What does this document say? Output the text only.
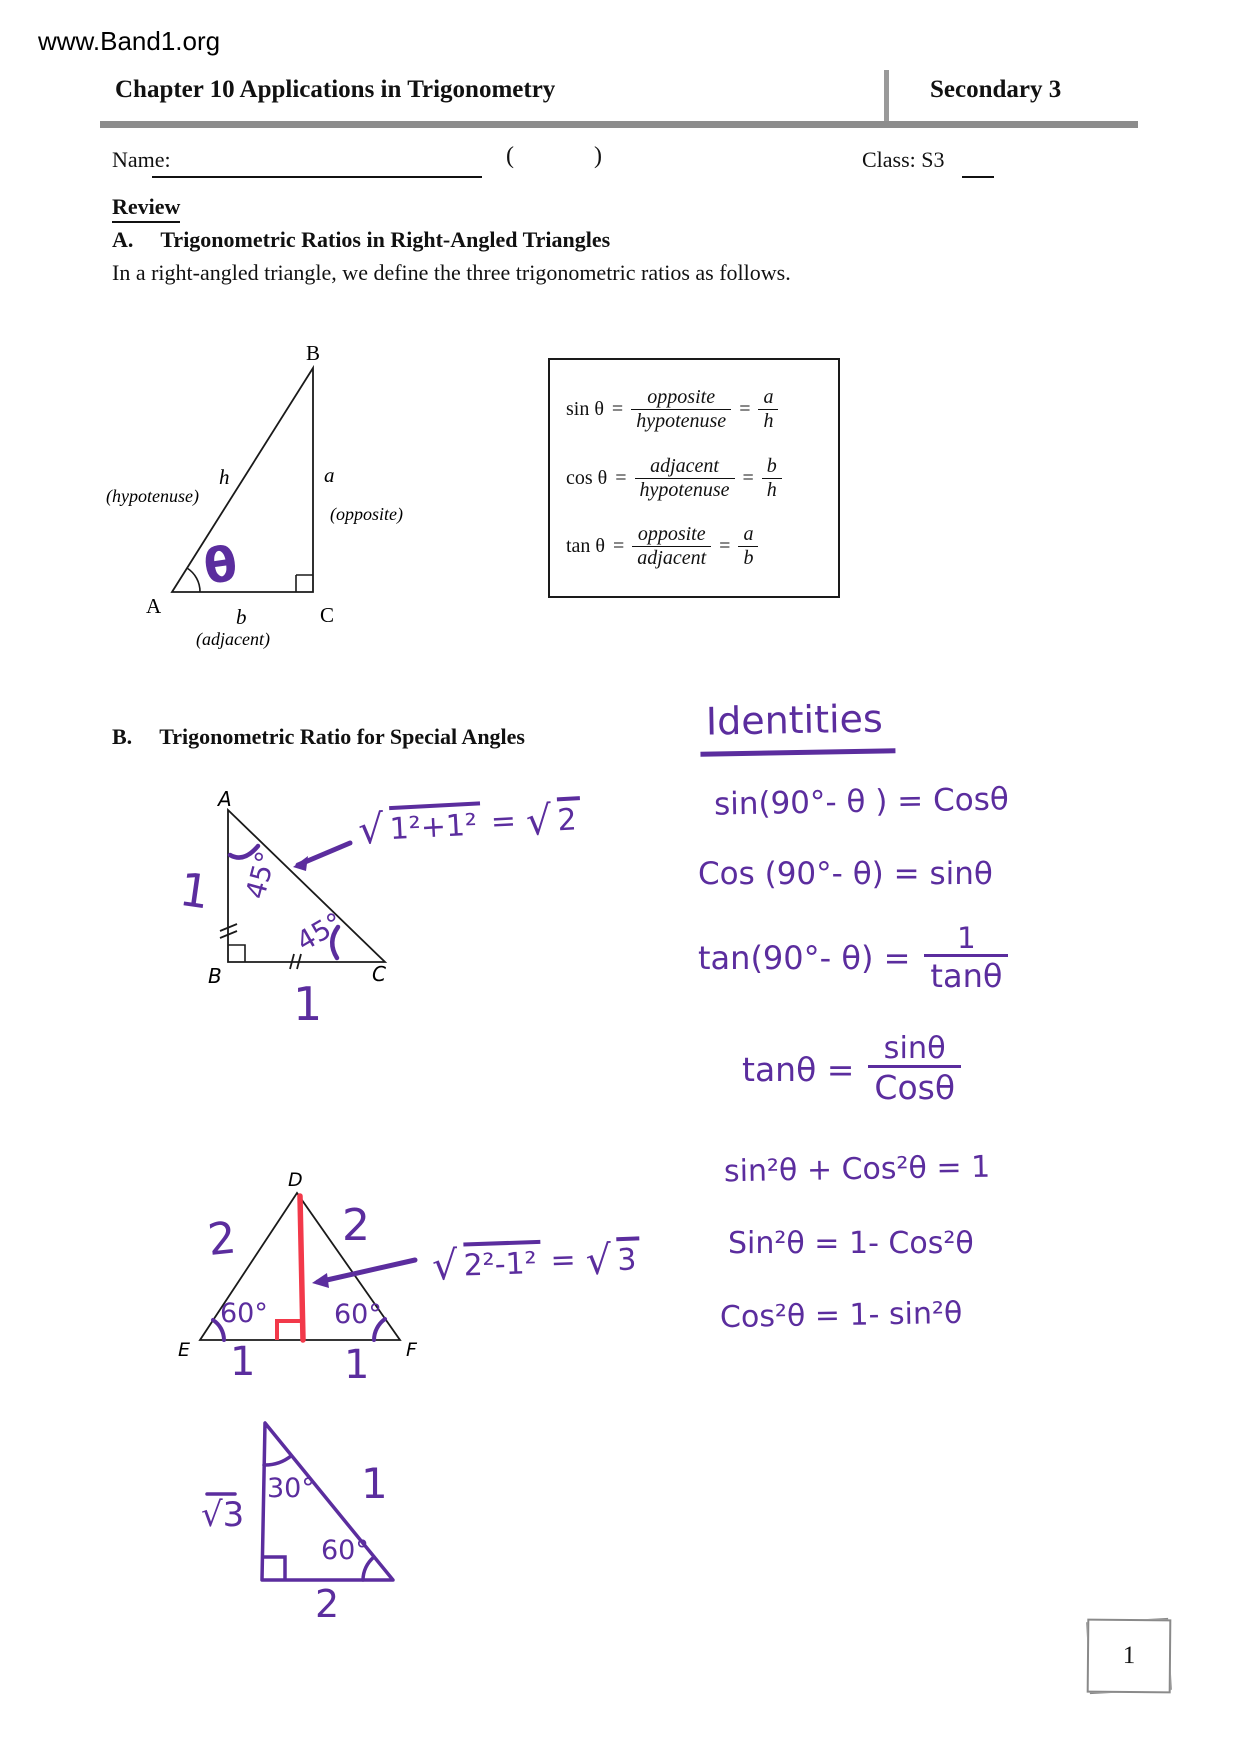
www.Band1.org
Chapter 10 Applications in Trigonometry	Secondary 3
Name:	(	)	Class: S3
Review
A. Trigonometric Ratios in Right-Angled Triangles
In a right-angled triangle, we define the three trigonometric ratios as follows.
B
A	C
h
(hypotenuse)
a
(opposite)
b
(adjacent)
θ
$\sin \theta = \frac{\text{opposite}}{\text{hypotenuse}} = \frac{a}{h}$
$\cos \theta = \frac{\text{adjacent}}{\text{hypotenuse}} = \frac{b}{h}$
$\tan \theta = \frac{\text{opposite}}{\text{adjacent}} = \frac{a}{b}$
B. Trigonometric Ratio for Special Angles	Identities
sin(90°- θ ) = Cosθ
Cos (90°- θ) = sinθ
tan(90°- $\theta) = \frac{1}{\tan\theta}$
$\tan\theta = \frac{\sin\theta}{\text{Cosθ}}$
sin²θ + Cos²θ = 1
Sin²θ = 1- Cos²θ
Cos²θ = 1- sin²θ
A
B	C
1
1
45°
45°
√ 1²+1² = √ 2
D
E	F
2 2
60° 60°
1 1
√ 2²-1² = √ 3
30°
60°
1
√3
2
1
